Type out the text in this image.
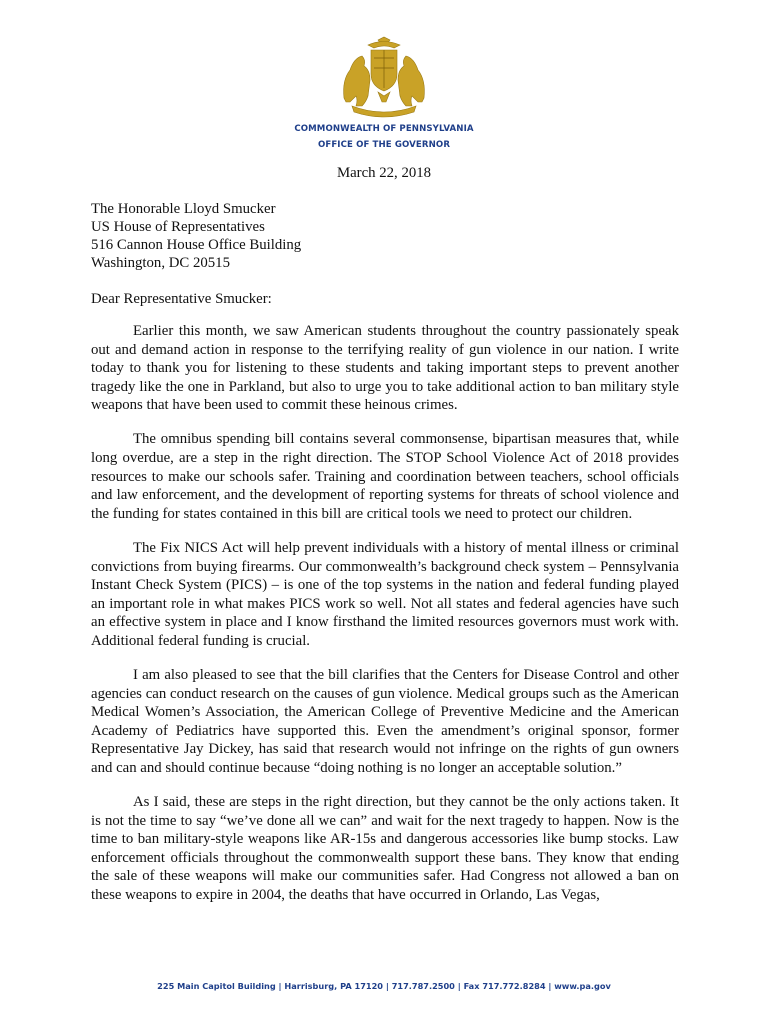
COMMONWEALTH OF PENNSYLVANIA
OFFICE OF THE GOVERNOR
March 22, 2018
The Honorable Lloyd Smucker
US House of Representatives
516 Cannon House Office Building
Washington, DC 20515
Dear Representative Smucker:

Earlier this month, we saw American students throughout the country passionately speak out and demand action in response to the terrifying reality of gun violence in our nation. I write today to thank you for listening to these students and taking important steps to prevent another tragedy like the one in Parkland, but also to urge you to take additional action to ban military style weapons that have been used to commit these heinous crimes.

The omnibus spending bill contains several commonsense, bipartisan measures that, while long overdue, are a step in the right direction. The STOP School Violence Act of 2018 provides resources to make our schools safer. Training and coordination between teachers, school officials and law enforcement, and the development of reporting systems for threats of school violence and the funding for states contained in this bill are critical tools we need to protect our children.

The Fix NICS Act will help prevent individuals with a history of mental illness or criminal convictions from buying firearms. Our commonwealth’s background check system – Pennsylvania Instant Check System (PICS) – is one of the top systems in the nation and federal funding played an important role in what makes PICS work so well. Not all states and federal agencies have such an effective system in place and I know firsthand the limited resources governors must work with. Additional federal funding is crucial.

I am also pleased to see that the bill clarifies that the Centers for Disease Control and other agencies can conduct research on the causes of gun violence. Medical groups such as the American Medical Women’s Association, the American College of Preventive Medicine and the American Academy of Pediatrics have supported this. Even the amendment’s original sponsor, former Representative Jay Dickey, has said that research would not infringe on the rights of gun owners and can and should continue because “doing nothing is no longer an acceptable solution.”

As I said, these are steps in the right direction, but they cannot be the only actions taken. It is not the time to say “we’ve done all we can” and wait for the next tragedy to happen. Now is the time to ban military-style weapons like AR-15s and dangerous accessories like bump stocks. Law enforcement officials throughout the commonwealth support these bans. They know that ending the sale of these weapons will make our communities safer. Had Congress not allowed a ban on these weapons to expire in 2004, the deaths that have occurred in Orlando, Las Vegas,

225 Main Capitol Building | Harrisburg, PA 17120 | 717.787.2500 | Fax 717.772.8284 | www.pa.gov
